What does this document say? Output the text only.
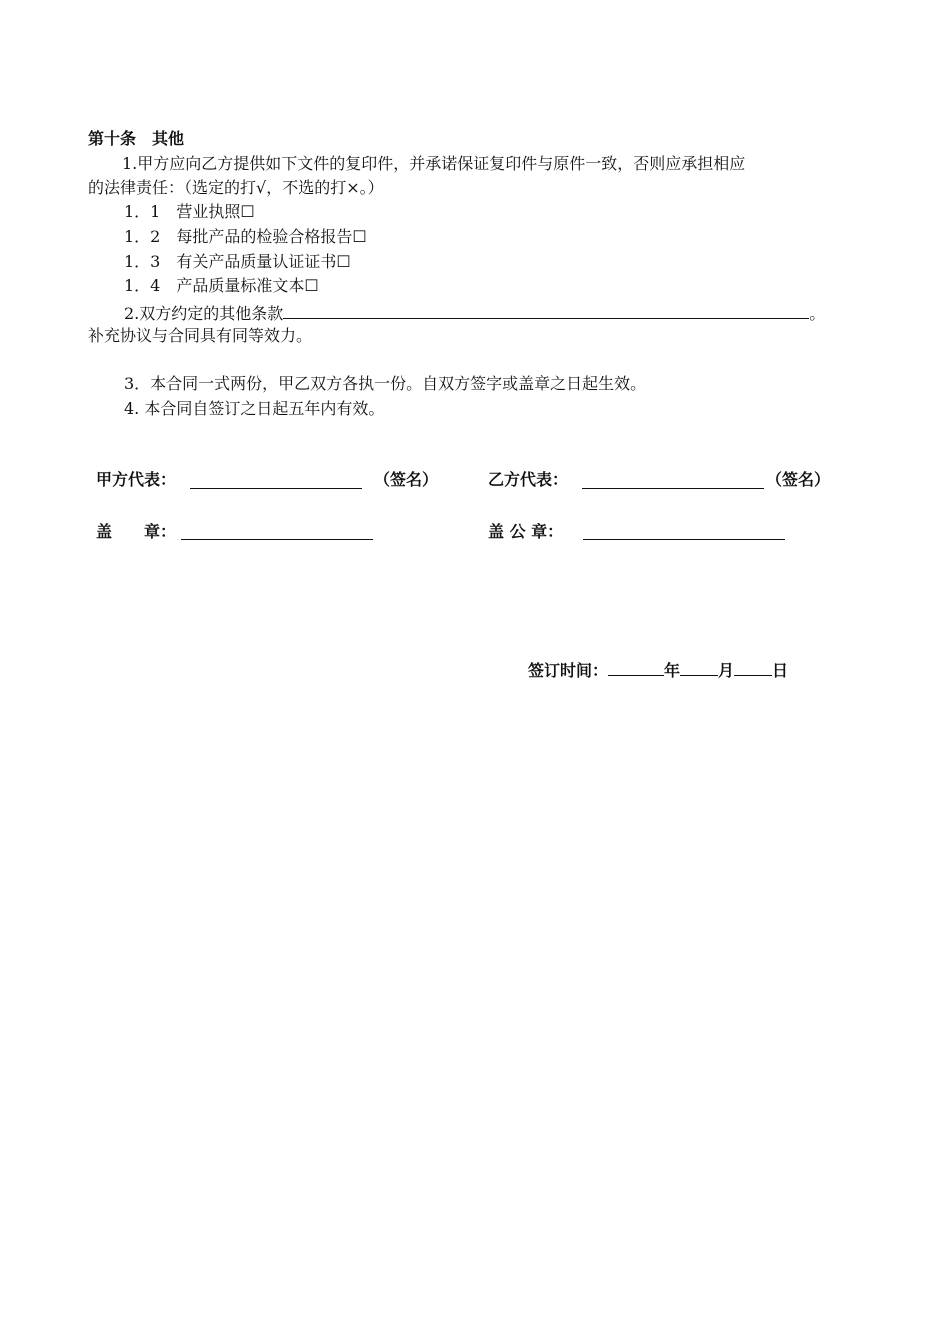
第十条　其他
1.甲方应向乙方提供如下文件的复印件，并承诺保证复印件与原件一致，否则应承担相应
的法律责任：（选定的打√，不选的打×。）
1．1　营业执照☐
1．2　每批产品的检验合格报告☐
1．3　有关产品质量认证证书☐
1．4　产品质量标准文本☐
2.双方约定的其他条款	。
补充协议与合同具有同等效力。
3．本合同一式两份，甲乙双方各执一份。自双方签字或盖章之日起生效。
4. 本合同自签订之日起五年内有效。
甲方代表：	（签名）	乙方代表：	（签名）
盖　　章：	盖 公 章：
签订时间：	年 月 日
